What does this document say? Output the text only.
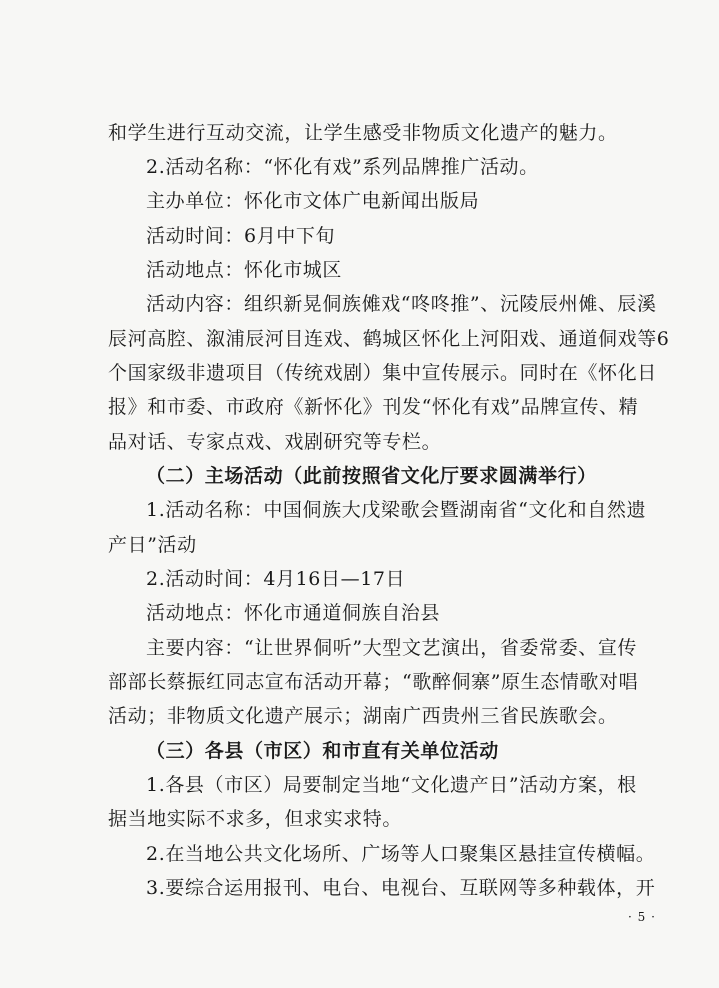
和学生进行互动交流，让学生感受非物质文化遗产的魅力。
2.活动名称：“怀化有戏”系列品牌推广活动。
主办单位：怀化市文体广电新闻出版局
活动时间：6月中下旬
活动地点：怀化市城区
活动内容：组织新晃侗族傩戏“咚咚推”、沅陵辰州傩、辰溪
辰河高腔、溆浦辰河目连戏、鹤城区怀化上河阳戏、通道侗戏等6
个国家级非遗项目（传统戏剧）集中宣传展示。同时在《怀化日
报》和市委、市政府《新怀化》刊发“怀化有戏”品牌宣传、精
品对话、专家点戏、戏剧研究等专栏。
（二）主场活动（此前按照省文化厅要求圆满举行）
1.活动名称：中国侗族大戊梁歌会暨湖南省“文化和自然遗
产日”活动
2.活动时间：4月16日—17日
活动地点：怀化市通道侗族自治县
主要内容：“让世界侗听”大型文艺演出，省委常委、宣传
部部长蔡振红同志宣布活动开幕；“歌醉侗寨”原生态情歌对唱
活动；非物质文化遗产展示；湖南广西贵州三省民族歌会。
（三）各县（市区）和市直有关单位活动
1.各县（市区）局要制定当地“文化遗产日”活动方案，根
据当地实际不求多，但求实求特。
2.在当地公共文化场所、广场等人口聚集区悬挂宣传横幅。
3.要综合运用报刊、电台、电视台、互联网等多种载体，开
· 5 ·
